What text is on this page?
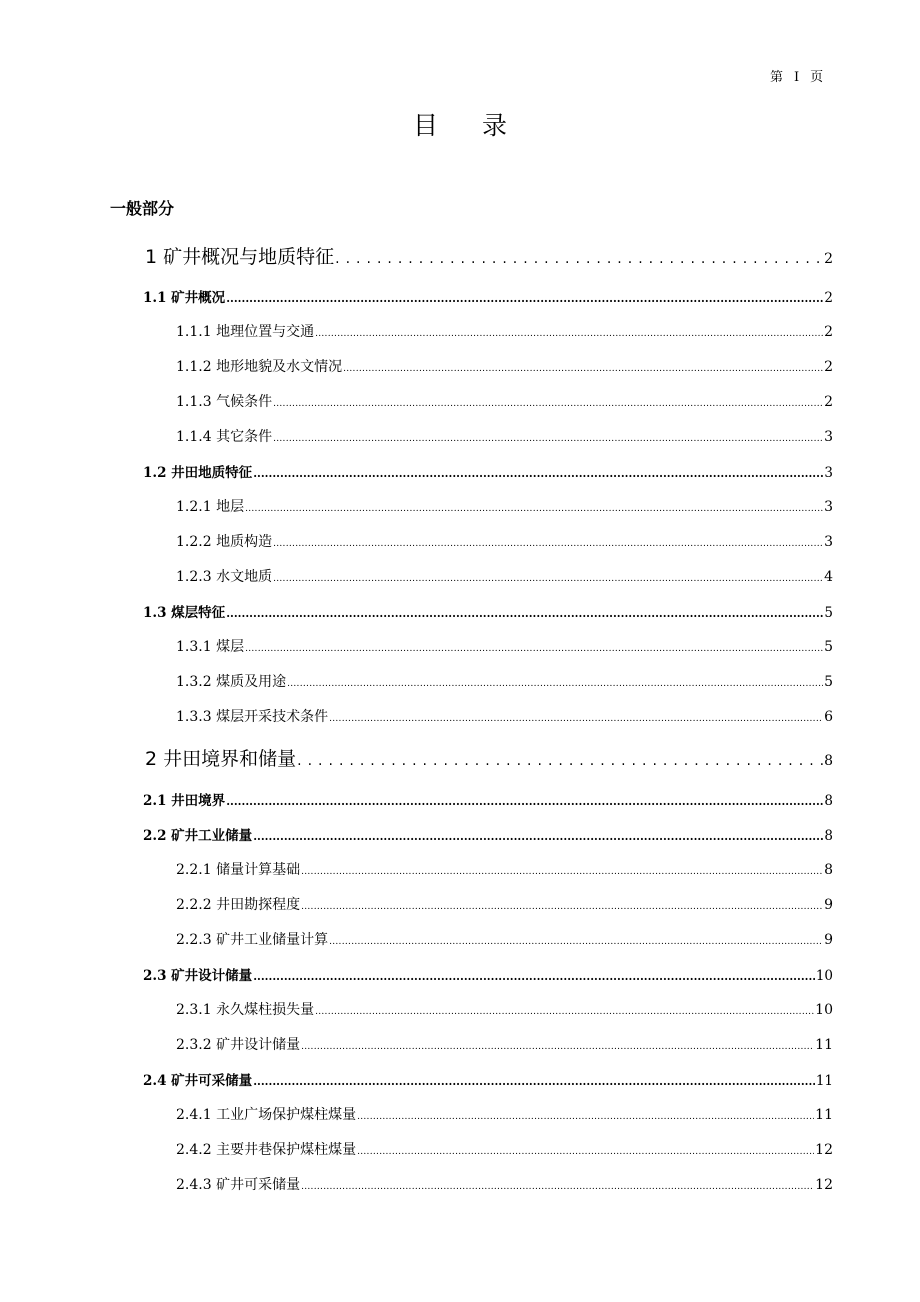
第 I 页
目 录
一般部分
1 矿井概况与地质特征 .....	2
1.1 矿井概况 .....	2
1.1.1 地理位置与交通 .....	2
1.1.2 地形地貌及水文情况 .....	2
1.1.3 气候条件 .....	2
1.1.4 其它条件 .....	3
1.2 井田地质特征 .....	3
1.2.1 地层 .....	3
1.2.2 地质构造 .....	3
1.2.3 水文地质 .....	4
1.3 煤层特征 .....	5
1.3.1 煤层 .....	5
1.3.2 煤质及用途 .....	5
1.3.3 煤层开采技术条件 .....	6
2 井田境界和储量 .....	8
2.1 井田境界 .....	8
2.2 矿井工业储量 .....	8
2.2.1 储量计算基础 .....	8
2.2.2 井田勘探程度 .....	9
2.2.3 矿井工业储量计算 .....	9
2.3 矿井设计储量 .....	10
2.3.1 永久煤柱损失量 .....	10
2.3.2 矿井设计储量 .....	11
2.4 矿井可采储量 .....	11
2.4.1 工业广场保护煤柱煤量 .....	11
2.4.2 主要井巷保护煤柱煤量 .....	12
2.4.3 矿井可采储量 .....	12
